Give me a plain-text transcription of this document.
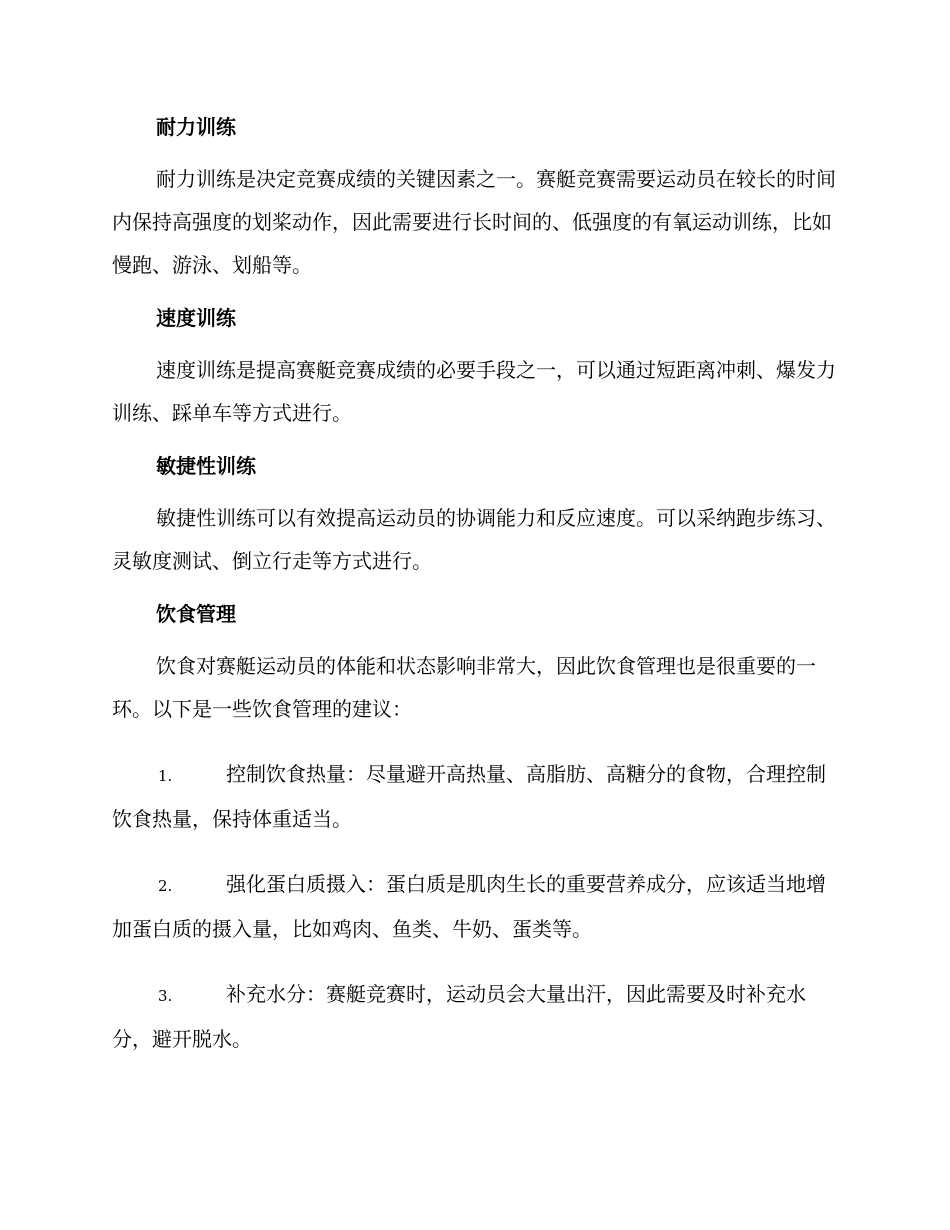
耐力训练

耐力训练是决定竞赛成绩的关键因素之一。赛艇竞赛需要运动员在较长的时间内保持高强度的划桨动作，因此需要进行长时间的、低强度的有氧运动训练，比如慢跑、游泳、划船等。

速度训练

速度训练是提高赛艇竞赛成绩的必要手段之一，可以通过短距离冲刺、爆发力训练、踩单车等方式进行。

敏捷性训练

敏捷性训练可以有效提高运动员的协调能力和反应速度。可以采纳跑步练习、灵敏度测试、倒立行走等方式进行。

饮食管理

饮食对赛艇运动员的体能和状态影响非常大，因此饮食管理也是很重要的一环。以下是一些饮食管理的建议：

1.	控制饮食热量：尽量避开高热量、高脂肪、高糖分的食物，合理控制饮食热量，保持体重适当。

2.	强化蛋白质摄入：蛋白质是肌肉生长的重要营养成分，应该适当地增加蛋白质的摄入量，比如鸡肉、鱼类、牛奶、蛋类等。

3.	补充水分：赛艇竞赛时，运动员会大量出汗，因此需要及时补充水分，避开脱水。
